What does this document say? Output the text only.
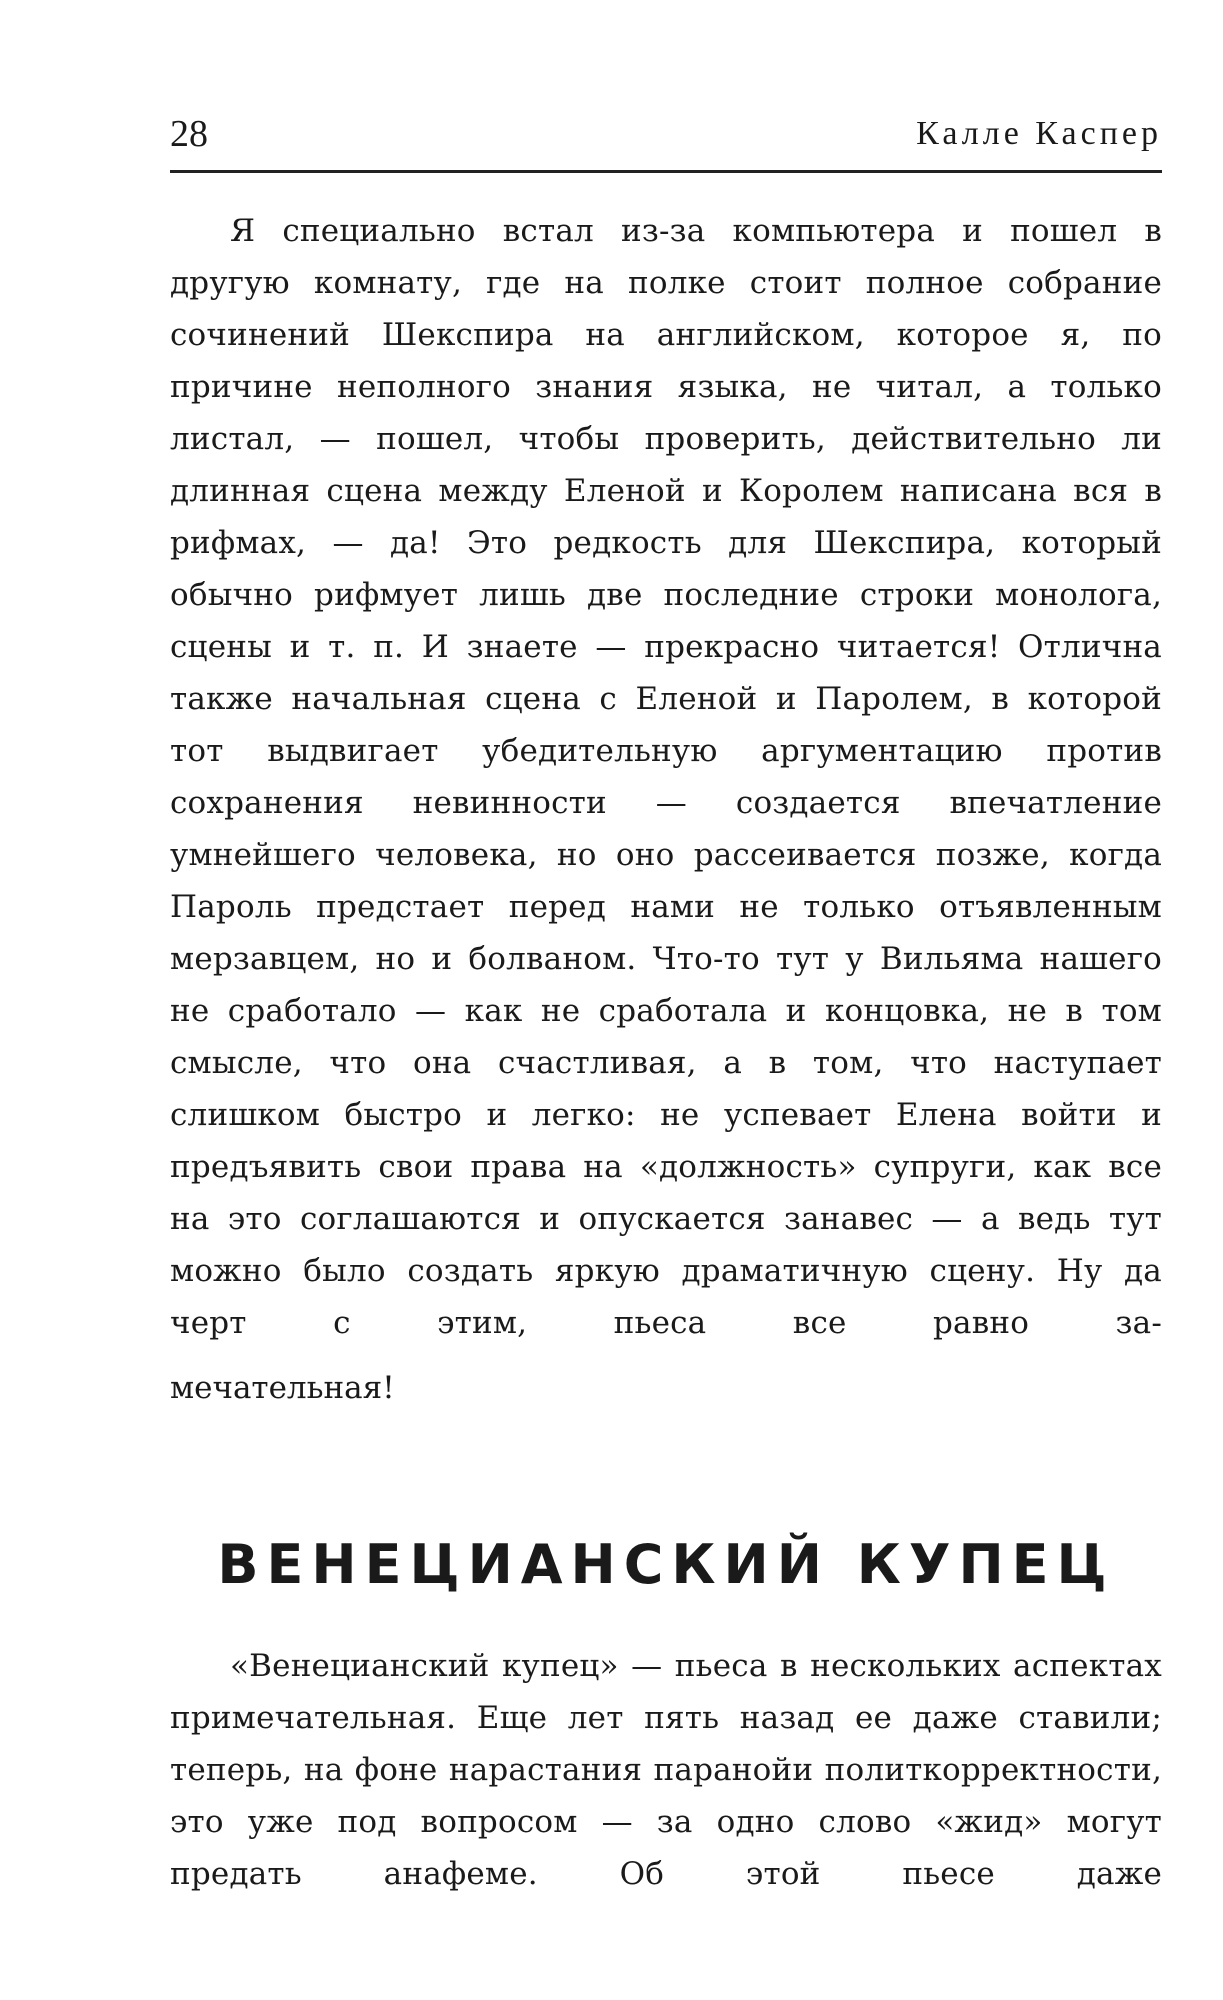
28	Калле Каспер

Я специально встал из-за компьютера и пошел в другую комнату, где на полке стоит полное собрание сочинений Шекспира на английском, которое я, по причине неполного знания языка, не читал, а только листал, — пошел, чтобы проверить, действительно ли длинная сцена между Еленой и Королем написана вся в рифмах, — да! Это редкость для Шекспира, который обычно рифмует лишь две последние строки монолога, сцены и т. п. И знаете — прекрасно читается! Отлична также начальная сцена с Еленой и Паролем, в которой тот выдвигает убедительную аргументацию против сохранения невинности — создается впечатление умнейшего человека, но оно рассеивается позже, когда Пароль предстает перед нами не только отъявленным мерзавцем, но и болваном. Что-то тут у Вильяма нашего не сработало — как не сработала и концовка, не в том смысле, что она счастливая, а в том, что наступает слишком быстро и легко: не успевает Елена войти и предъявить свои права на «должность» супруги, как все на это соглашаются и опускается занавес — а ведь тут можно было создать яркую драматичную сцену. Ну да черт с этим, пьеса все равно за-

мечательная!
ВЕНЕЦИАНСКИЙ КУПЕЦ

«Венецианский купец» — пьеса в нескольких аспектах примечательная. Еще лет пять назад ее даже ставили; теперь, на фоне нарастания паранойи политкорректности, это уже под вопросом — за одно слово «жид» могут предать анафеме. Об этой пьесе даже
